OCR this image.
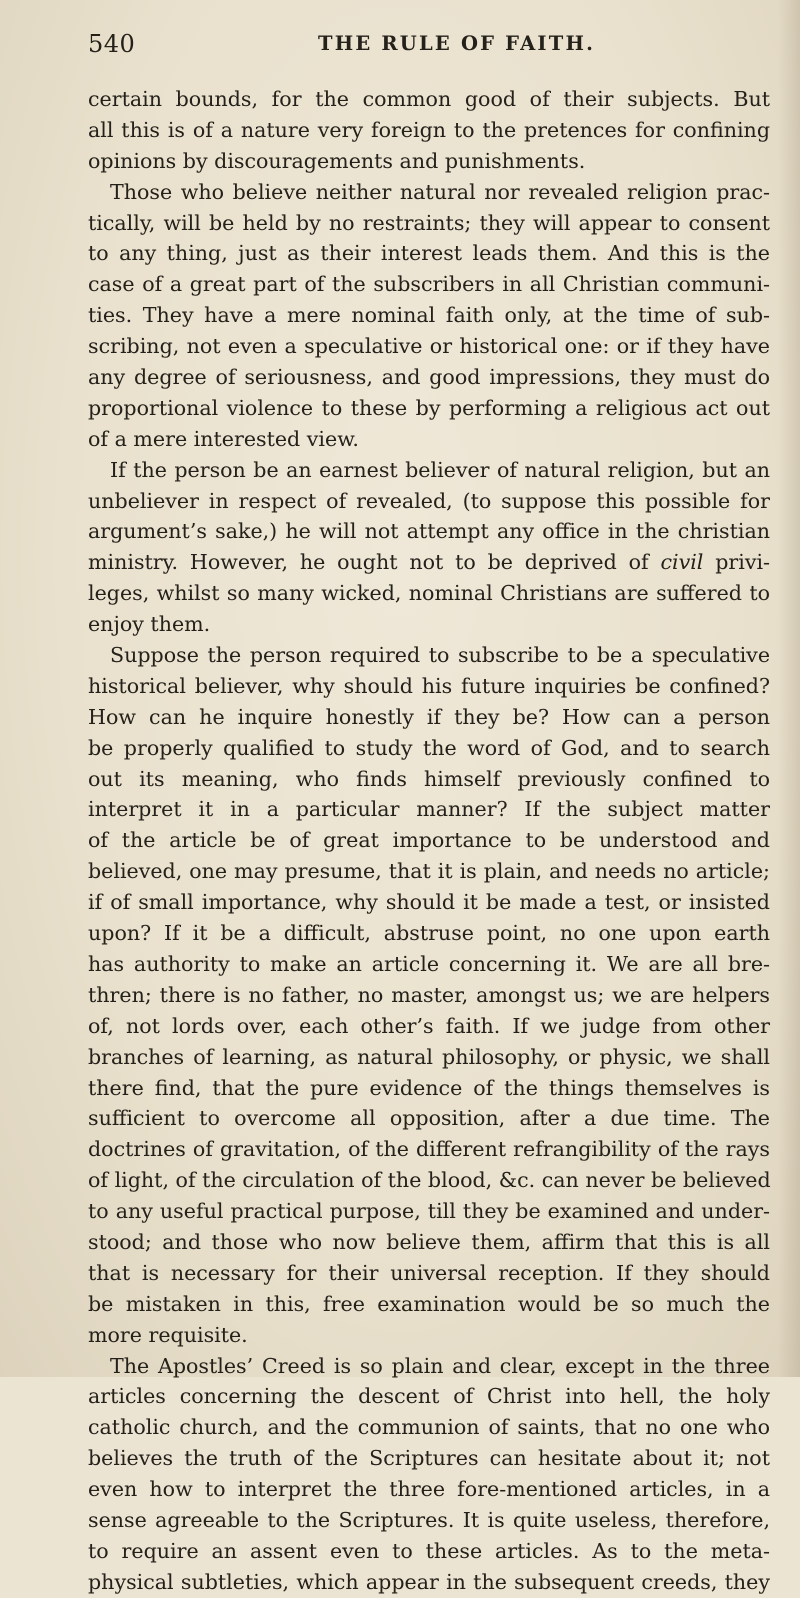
540	THE RULE OF FAITH.
certain bounds, for the common good of their subjects. But
all this is of a nature very foreign to the pretences for confining
opinions by discouragements and punishments.
Those who believe neither natural nor revealed religion prac-
tically, will be held by no restraints; they will appear to consent
to any thing, just as their interest leads them. And this is the
case of a great part of the subscribers in all Christian communi-
ties. They have a mere nominal faith only, at the time of sub-
scribing, not even a speculative or historical one: or if they have
any degree of seriousness, and good impressions, they must do
proportional violence to these by performing a religious act out
of a mere interested view.
If the person be an earnest believer of natural religion, but an
unbeliever in respect of revealed, (to suppose this possible for
argument’s sake,) he will not attempt any office in the christian
ministry. However, he ought not to be deprived of civil privi-
leges, whilst so many wicked, nominal Christians are suffered to
enjoy them.
Suppose the person required to subscribe to be a speculative
historical believer, why should his future inquiries be confined?
How can he inquire honestly if they be? How can a person
be properly qualified to study the word of God, and to search
out its meaning, who finds himself previously confined to
interpret it in a particular manner? If the subject matter
of the article be of great importance to be understood and
believed, one may presume, that it is plain, and needs no article;
if of small importance, why should it be made a test, or insisted
upon? If it be a difficult, abstruse point, no one upon earth
has authority to make an article concerning it. We are all bre-
thren; there is no father, no master, amongst us; we are helpers
of, not lords over, each other’s faith. If we judge from other
branches of learning, as natural philosophy, or physic, we shall
there find, that the pure evidence of the things themselves is
sufficient to overcome all opposition, after a due time. The
doctrines of gravitation, of the different refrangibility of the rays
of light, of the circulation of the blood, &c. can never be believed
to any useful practical purpose, till they be examined and under-
stood; and those who now believe them, affirm that this is all
that is necessary for their universal reception. If they should
be mistaken in this, free examination would be so much the
more requisite.
The Apostles’ Creed is so plain and clear, except in the three
articles concerning the descent of Christ into hell, the holy
catholic church, and the communion of saints, that no one who
believes the truth of the Scriptures can hesitate about it; not
even how to interpret the three fore-mentioned articles, in a
sense agreeable to the Scriptures. It is quite useless, therefore,
to require an assent even to these articles. As to the meta-
physical subtleties, which appear in the subsequent creeds, they
